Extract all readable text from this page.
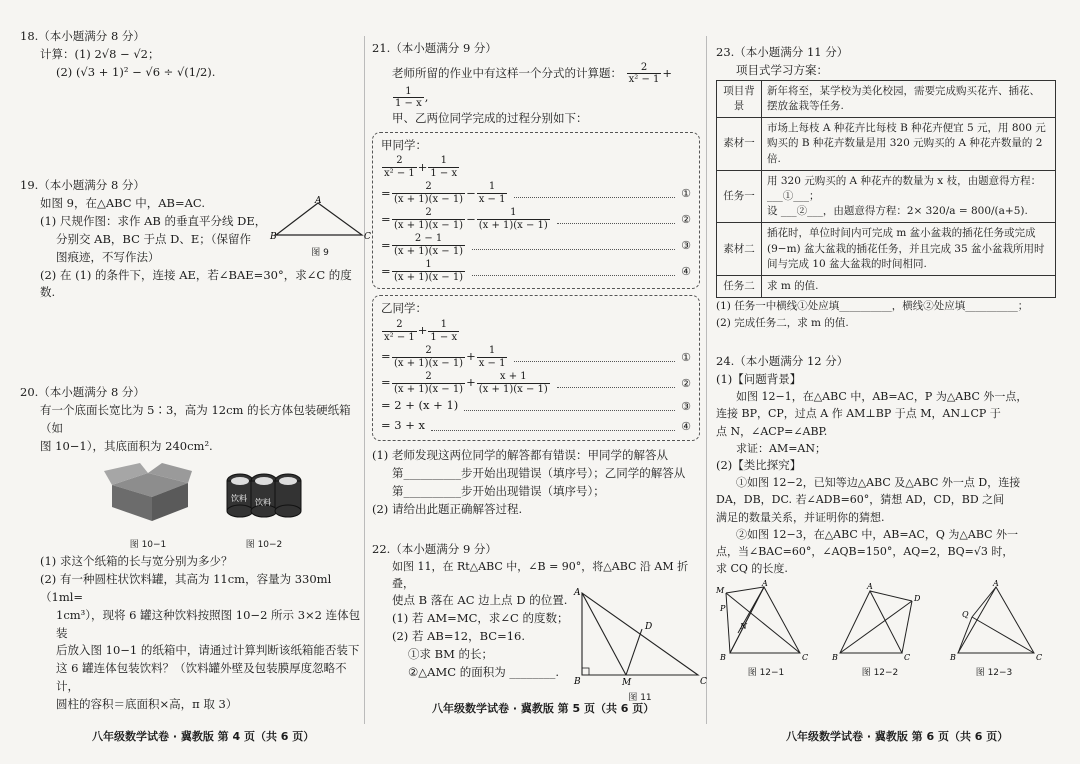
18.（本小题满分 8 分）

计算：(1) 2√8 − √2；

(2) (√3 + 1)² − √6 ÷ √(1/2).

19.（本小题满分 8 分）

如图 9，在△ABC 中，AB=AC.

(1) 尺规作图：求作 AB 的垂直平分线 DE，

分别交 AB，BC 于点 D、E；（保留作

图痕迹，不写作法）

A
B	C
图 9

(2) 在 (1) 的条件下，连接 AE，若∠BAE=30°，求∠C 的度数.

20.（本小题满分 8 分）

有一个底面长宽比为 5∶3，高为 12cm 的长方体包装硬纸箱（如

图 10−1），其底面积为 240cm².

图 10−1
饮料 饮料
图 10−2

(1) 求这个纸箱的长与宽分别为多少？

(2) 有一种圆柱状饮料罐，其高为 11cm，容量为 330ml（1ml=

1cm³），现将 6 罐这种饮料按照图 10−2 所示 3×2 连体包装

后放入图 10−1 的纸箱中，请通过计算判断该纸箱能否装下

这 6 罐连体包装饮料？（饮料罐外壁及包装膜厚度忽略不计，

圆柱的容积＝底面积×高，π 取 3）

八年级数学试卷 · 冀教版 第 4 页（共 6 页）

21.（本小题满分 9 分）

老师所留的作业中有这样一个分式的计算题： $\frac{2}{\text{x² − 1}}$ +
$\frac{1}{1 - x}$ ,

甲、乙两位同学完成的过程分别如下：

甲同学：

$\frac{2}{\text{x² − 1}} + \frac{1}{1 - x}$
= $\frac{2}{(x + 1)(x - 1)} - \frac{1}{x - 1}$	①
= $\frac{2}{(x + 1)(x - 1)} - \frac{1}{(x + 1)(x - 1)}$	②
= $\frac{2 - 1}{(x + 1)(x - 1)}$	③
= $\frac{1}{(x + 1)(x - 1)}$	④

乙同学：

$\frac{2}{\text{x² − 1}} + \frac{1}{1 - x}$
= $\frac{2}{(x + 1)(x - 1)} + \frac{1}{x - 1}$	①
= $\frac{2}{(x + 1)(x - 1)} + \frac{x + 1}{(x + 1)(x - 1)}$	②
= 2 + (x + 1)	③
= 3 + x	④

(1) 老师发现这两位同学的解答都有错误：甲同学的解答从

第__________步开始出现错误（填序号）；乙同学的解答从

第__________步开始出现错误（填序号）；

(2) 请给出此题正确解答过程.

22.（本小题满分 9 分）

如图 11，在 Rt△ABC 中，∠B = 90°，将△ABC 沿 AM 折叠，

使点 B 落在 AC 边上点 D 的位置.

(1) 若 AM=MC，求∠C 的度数；

(2) 若 AB=12，BC=16.

①求 BM 的长；

②△AMC 的面积为 ________.

A
B	C
D
M
图 11
八年级数学试卷 · 冀教版 第 5 页（共 6 页）

23.（本小题满分 11 分）

项目式学习方案：

项目背景	新年将至，某学校为美化校园，需要完成购买花卉、插花、摆放盆栽等任务.
素材一	市场上每枝 A 种花卉比每枝 B 种花卉便宜 5 元，用 800 元购买的 B 种花卉数量是用 320 元购买的 A 种花卉数量的 2 倍.
任务一	用 320 元购买的 A 种花卉的数量为 x 枝，由题意得方程：___①___；
设 ___②___，由题意得方程：2× 320/a = 800/(a+5).

素材二	插花时，单位时间内可完成 m 盆小盆栽的插花任务或完成 (9−m) 盆大盆栽的插花任务，并且完成 35 盆小盆栽所用时间与完成 10 盆大盆栽的时间相同.
任务二	求 m 的值.

(1) 任务一中横线①处应填__________，横线②处应填__________；

(2) 完成任务二，求 m 的值.

24.（本小题满分 12 分）

(1)【问题背景】

如图 12−1，在△ABC 中，AB=AC，P 为△ABC 外一点，

连接 BP，CP，过点 A 作 AM⊥BP 于点 M，AN⊥CP 于

点 N，∠ACP=∠ABP.

求证：AM=AN；

(2)【类比探究】

①如图 12−2，已知等边△ABC 及△ABC 外一点 D，连接

DA，DB，DC. 若∠ADB=60°，猜想 AD，CD，BD 之间

满足的数量关系，并证明你的猜想.

②如图 12−3，在△ABC 中，AB=AC，Q 为△ABC 外一

点，当∠BAC=60°，∠AQB=150°，AQ=2，BQ=√3 时，

求 CQ 的长度.

M
A
P
N
B	C
图 12−1
A
D
B	C
图 12−2
A
Q
B	C
图 12−3
八年级数学试卷 · 冀教版 第 6 页（共 6 页）
